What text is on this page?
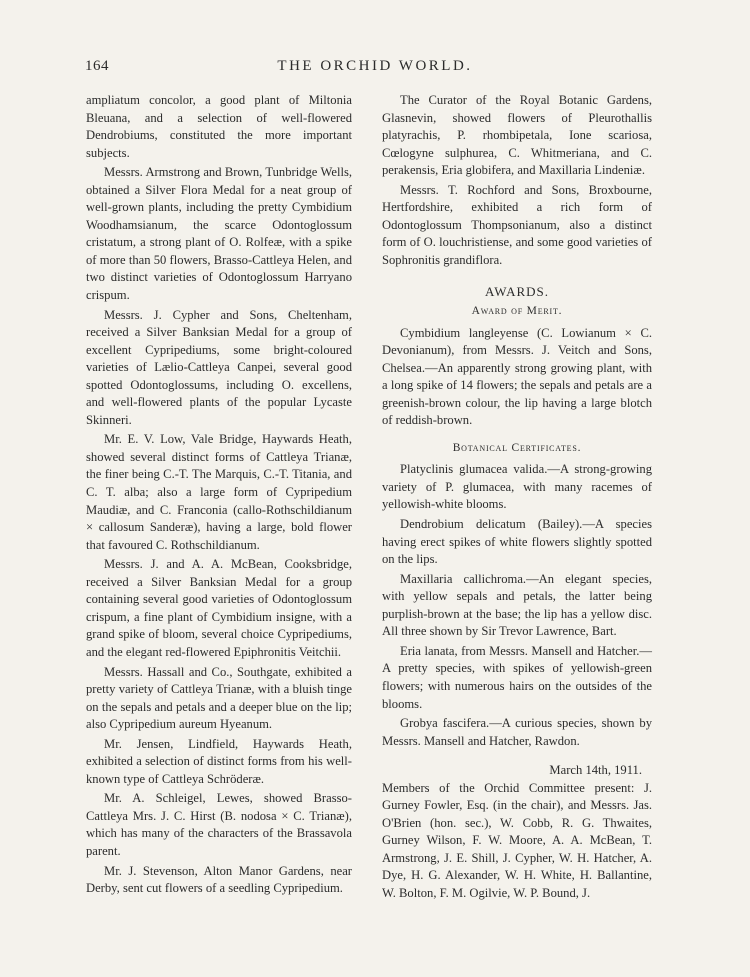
164	THE ORCHID WORLD.

ampliatum concolor, a good plant of Miltonia Bleuana, and a selection of well-flowered Dendrobiums, constituted the more important subjects.

Messrs. Armstrong and Brown, Tunbridge Wells, obtained a Silver Flora Medal for a neat group of well-grown plants, including the pretty Cymbidium Woodhamsianum, the scarce Odontoglossum cristatum, a strong plant of O. Rolfeæ, with a spike of more than 50 flowers, Brasso-Cattleya Helen, and two distinct varieties of Odontoglossum Harryano crispum.

Messrs. J. Cypher and Sons, Cheltenham, received a Silver Banksian Medal for a group of excellent Cypripediums, some bright-coloured varieties of Lælio-Cattleya Canpei, several good spotted Odontoglossums, including O. excellens, and well-flowered plants of the popular Lycaste Skinneri.

Mr. E. V. Low, Vale Bridge, Haywards Heath, showed several distinct forms of Cattleya Trianæ, the finer being C.-T. The Marquis, C.-T. Titania, and C. T. alba; also a large form of Cypripedium Maudiæ, and C. Franconia (callo-Rothschildianum × callosum Sanderæ), having a large, bold flower that favoured C. Rothschildianum.

Messrs. J. and A. A. McBean, Cooksbridge, received a Silver Banksian Medal for a group containing several good varieties of Odontoglossum crispum, a fine plant of Cymbidium insigne, with a grand spike of bloom, several choice Cypripediums, and the elegant red-flowered Epiphronitis Veitchii.

Messrs. Hassall and Co., Southgate, exhibited a pretty variety of Cattleya Trianæ, with a bluish tinge on the sepals and petals and a deeper blue on the lip; also Cypripedium aureum Hyeanum.

Mr. Jensen, Lindfield, Haywards Heath, exhibited a selection of distinct forms from his well-known type of Cattleya Schröderæ.

Mr. A. Schleigel, Lewes, showed Brasso-Cattleya Mrs. J. C. Hirst (B. nodosa × C. Trianæ), which has many of the characters of the Brassavola parent.

Mr. J. Stevenson, Alton Manor Gardens, near Derby, sent cut flowers of a seedling Cypripedium.

The Curator of the Royal Botanic Gardens, Glasnevin, showed flowers of Pleurothallis platyrachis, P. rhombipetala, Ione scariosa, Cœlogyne sulphurea, C. Whitmeriana, and C. perakensis, Eria globifera, and Maxillaria Lindeniæ.

Messrs. T. Rochford and Sons, Broxbourne, Hertfordshire, exhibited a rich form of Odontoglossum Thompsonianum, also a distinct form of O. louchristiense, and some good varieties of Sophronitis grandiflora.

AWARDS.
Award of Merit.

Cymbidium langleyense (C. Lowianum × C. Devonianum), from Messrs. J. Veitch and Sons, Chelsea.—An apparently strong growing plant, with a long spike of 14 flowers; the sepals and petals are a greenish-brown colour, the lip having a large blotch of reddish-brown.

Botanical Certificates.

Platyclinis glumacea valida.—A strong-growing variety of P. glumacea, with many racemes of yellowish-white blooms.

Dendrobium delicatum (Bailey).—A species having erect spikes of white flowers slightly spotted on the lips.

Maxillaria callichroma.—An elegant species, with yellow sepals and petals, the latter being purplish-brown at the base; the lip has a yellow disc. All three shown by Sir Trevor Lawrence, Bart.

Eria lanata, from Messrs. Mansell and Hatcher.—A pretty species, with spikes of yellowish-green flowers; with numerous hairs on the outsides of the blooms.

Grobya fascifera.—A curious species, shown by Messrs. Mansell and Hatcher, Rawdon.

March 14th, 1911.

Members of the Orchid Committee present: J. Gurney Fowler, Esq. (in the chair), and Messrs. Jas. O'Brien (hon. sec.), W. Cobb, R. G. Thwaites, Gurney Wilson, F. W. Moore, A. A. McBean, T. Armstrong, J. E. Shill, J. Cypher, W. H. Hatcher, A. Dye, H. G. Alexander, W. H. White, H. Ballantine, W. Bolton, F. M. Ogilvie, W. P. Bound, J.
